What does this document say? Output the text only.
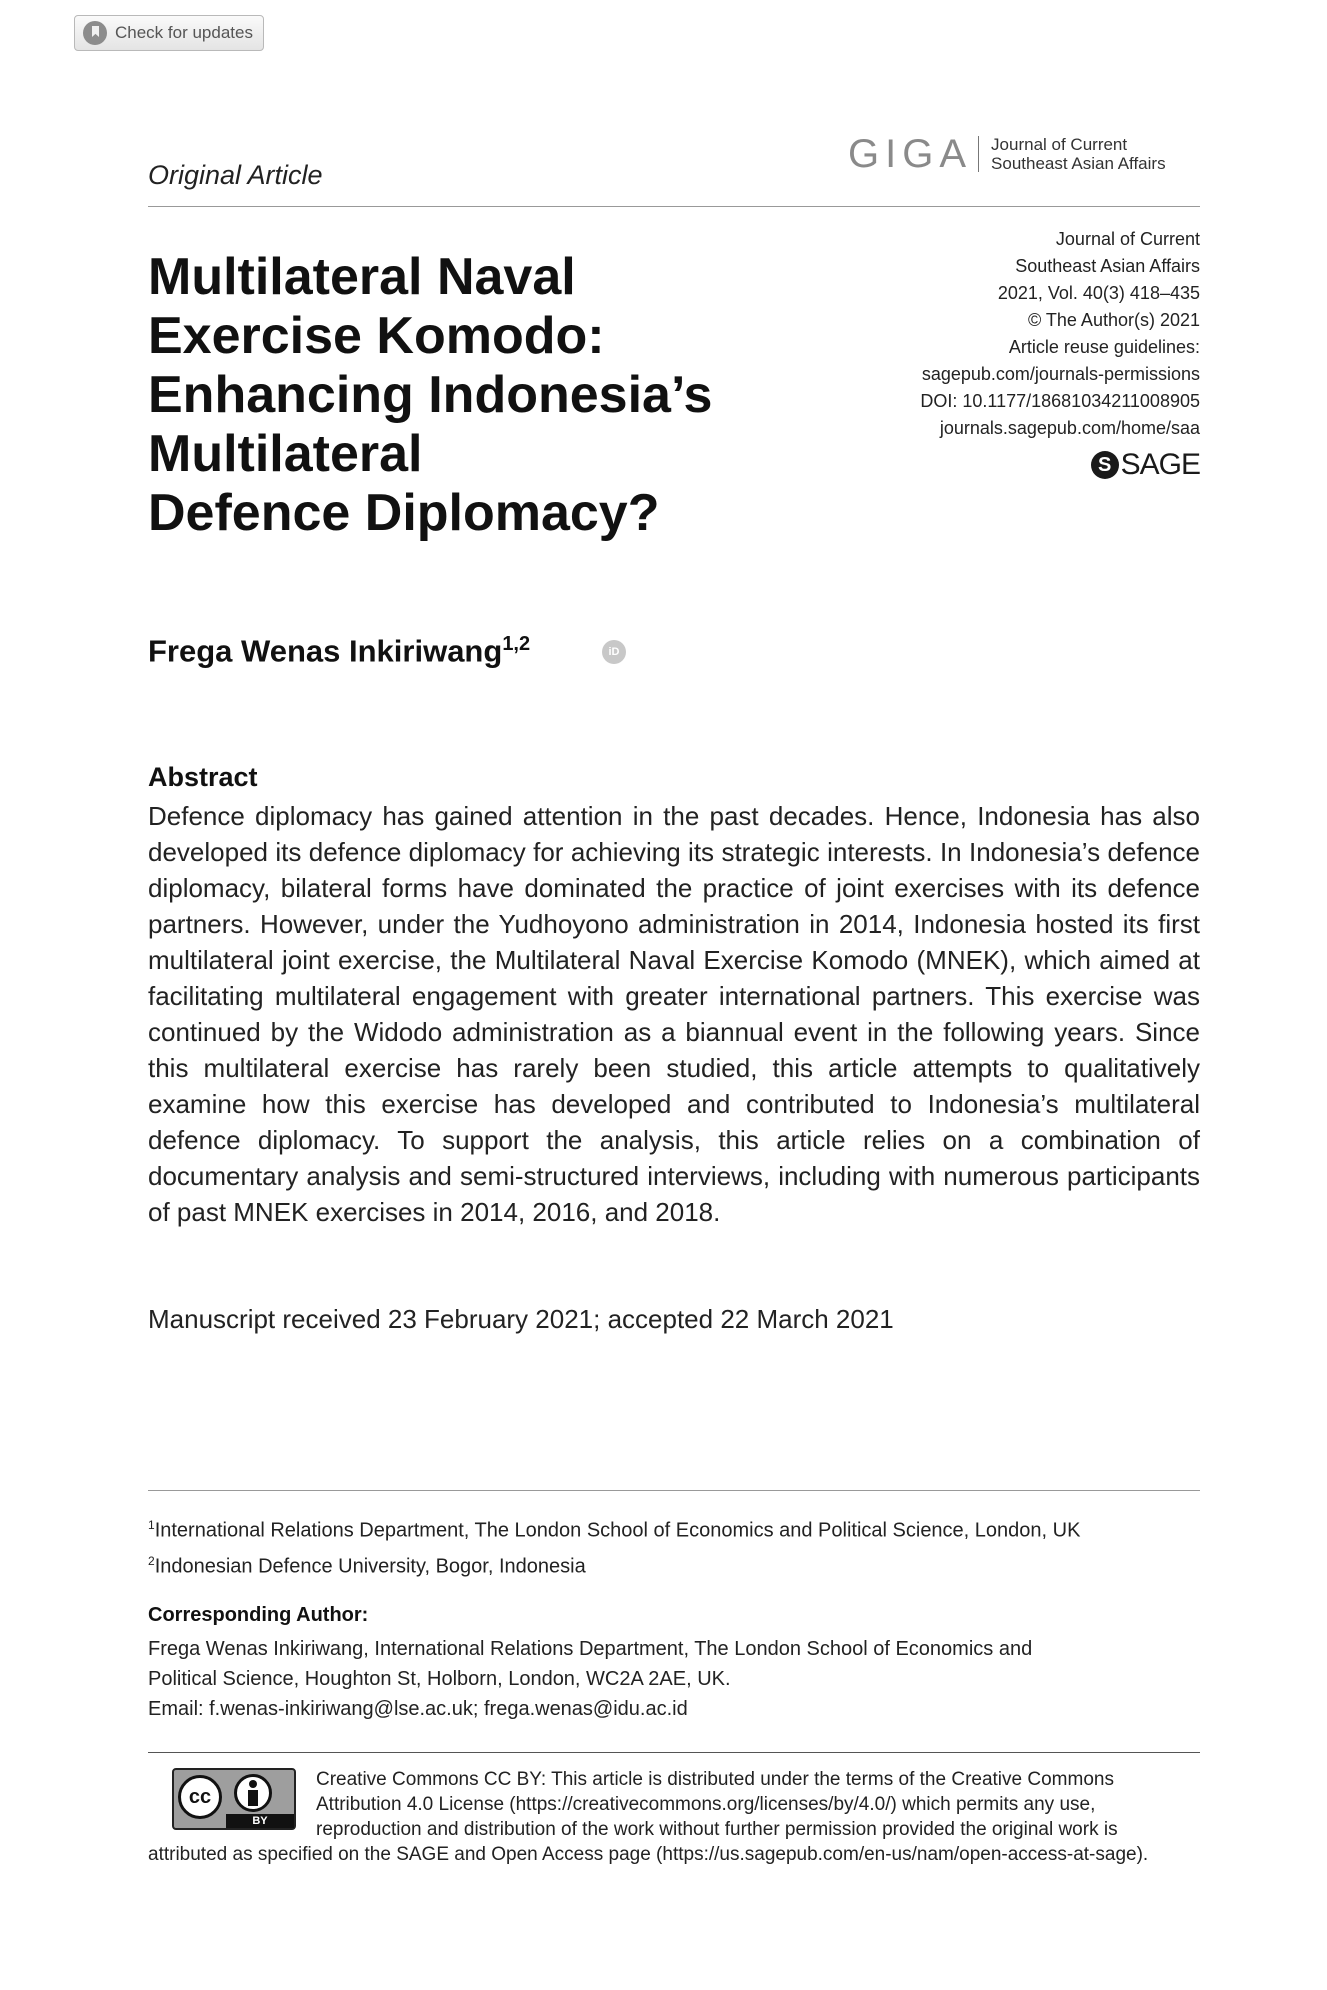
Check for updates
GIGA Journal of Current
Southeast Asian Affairs
Original Article
Multilateral Naval
Exercise Komodo:
Enhancing Indonesia’s
Multilateral
Defence Diplomacy?
Journal of Current
Southeast Asian Affairs
2021, Vol. 40(3) 418–435
© The Author(s) 2021
Article reuse guidelines:
sagepub.com/journals-permissions
DOI: 10.1177/18681034211008905
journals.sagepub.com/home/saa
S SAGE
Frega Wenas Inkiriwang$^{1,2}$	iD
Abstract
Defence diplomacy has gained attention in the past decades. Hence, Indonesia has also developed its defence diplomacy for achieving its strategic interests. In Indonesia’s defence diplomacy, bilateral forms have dominated the practice of joint exercises with its defence partners. However, under the Yudhoyono administration in 2014, Indonesia hosted its first multilateral joint exercise, the Multilateral Naval Exercise Komodo (MNEK), which aimed at facilitating multilateral engagement with greater international partners. This exercise was continued by the Widodo administration as a biannual event in the following years. Since this multilateral exercise has rarely been studied, this article attempts to qualitatively examine how this exercise has developed and contributed to Indonesia’s multilateral defence diplomacy. To support the analysis, this article relies on a combination of documentary analysis and semi-structured interviews, including with numerous participants of past MNEK exercises in 2014, 2016, and 2018.
Manuscript received 23 February 2021; accepted 22 March 2021
$^1$International Relations Department, The London School of Economics and Political Science, London, UK
$^2$Indonesian Defence University, Bogor, Indonesia
Corresponding Author:
Frega Wenas Inkiriwang, International Relations Department, The London School of Economics and
Political Science, Houghton St, Holborn, London, WC2A 2AE, UK.
Email: f.wenas-inkiriwang@lse.ac.uk; frega.wenas@idu.ac.id
cc
BY
Creative Commons CC BY: This article is distributed under the terms of the Creative Commons
Attribution 4.0 License (https://creativecommons.org/licenses/by/4.0/) which permits any use,
reproduction and distribution of the work without further permission provided the original work is
attributed as specified on the SAGE and Open Access page (https://us.sagepub.com/en-us/nam/open-access-at-sage).
